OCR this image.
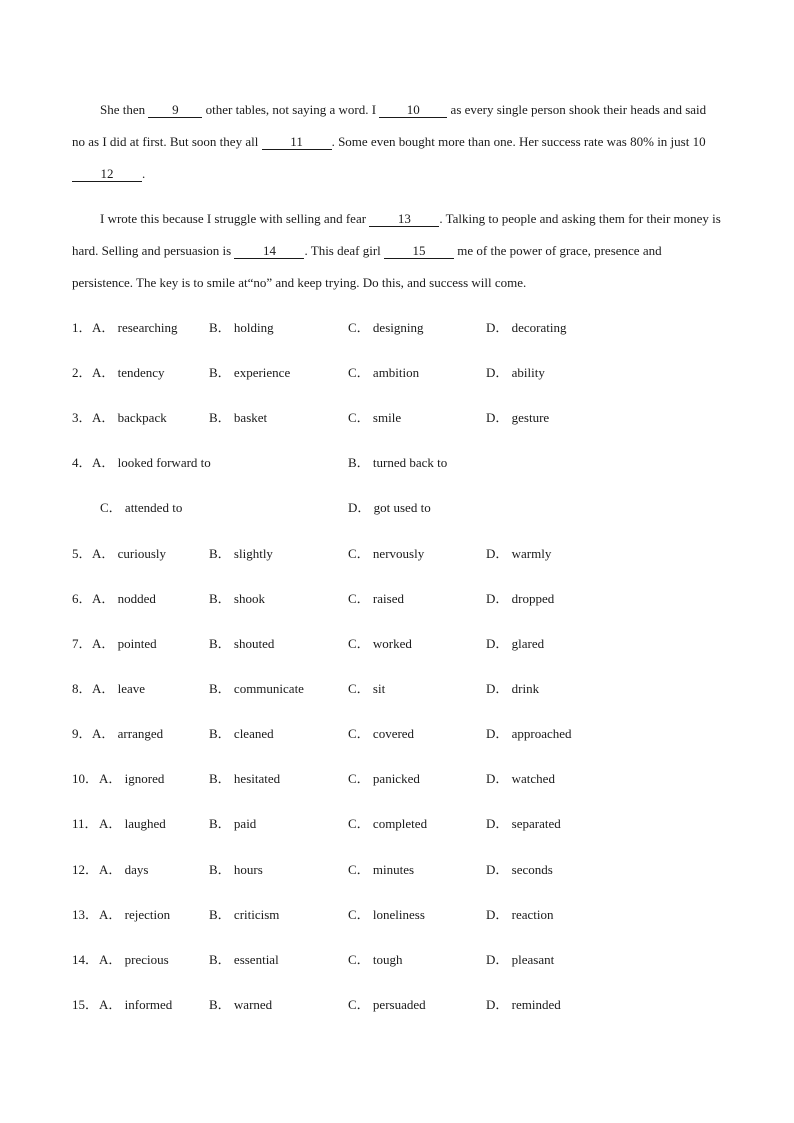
She then 9 other tables, not saying a word. I 10 as every single person shook their heads and said no as I did at first. But soon they all 11 . Some even bought more than one. Her success rate was 80% in just 10 12 .

I wrote this because I struggle with selling and fear 13 . Talking to people and asking them for their money is hard. Selling and persuasion is 14 . This deaf girl 15 me of the power of grace, presence and persistence. The key is to smile at“no” and keep trying. Do this, and success will come.

1． A． researching B． holding	C． designing	D． decorating
2． A． tendency	B． experience	C． ambition	D． ability
3． A． backpack	B． basket	C． smile	D． gesture
4． A． looked forward to	B． turned back to
C． attended to	D． got used to
5． A． curiously	B． slightly	C． nervously	D． warmly
6． A． nodded	B． shook	C． raised	D． dropped
7． A． pointed	B． shouted	C． worked	D． glared
8． A． leave	B． communicate	C． sit	D． drink
9． A． arranged	B． cleaned	C． covered	D． approached
10． A． ignored	B． hesitated	C． panicked	D． watched
11． A． laughed	B． paid	C． completed	D． separated
12． A． days	B． hours	C． minutes	D． seconds
13． A． rejection	B． criticism	C． loneliness	D． reaction
14． A． precious	B． essential	C． tough	D． pleasant
15． A． informed	B． warned	C． persuaded	D． reminded
